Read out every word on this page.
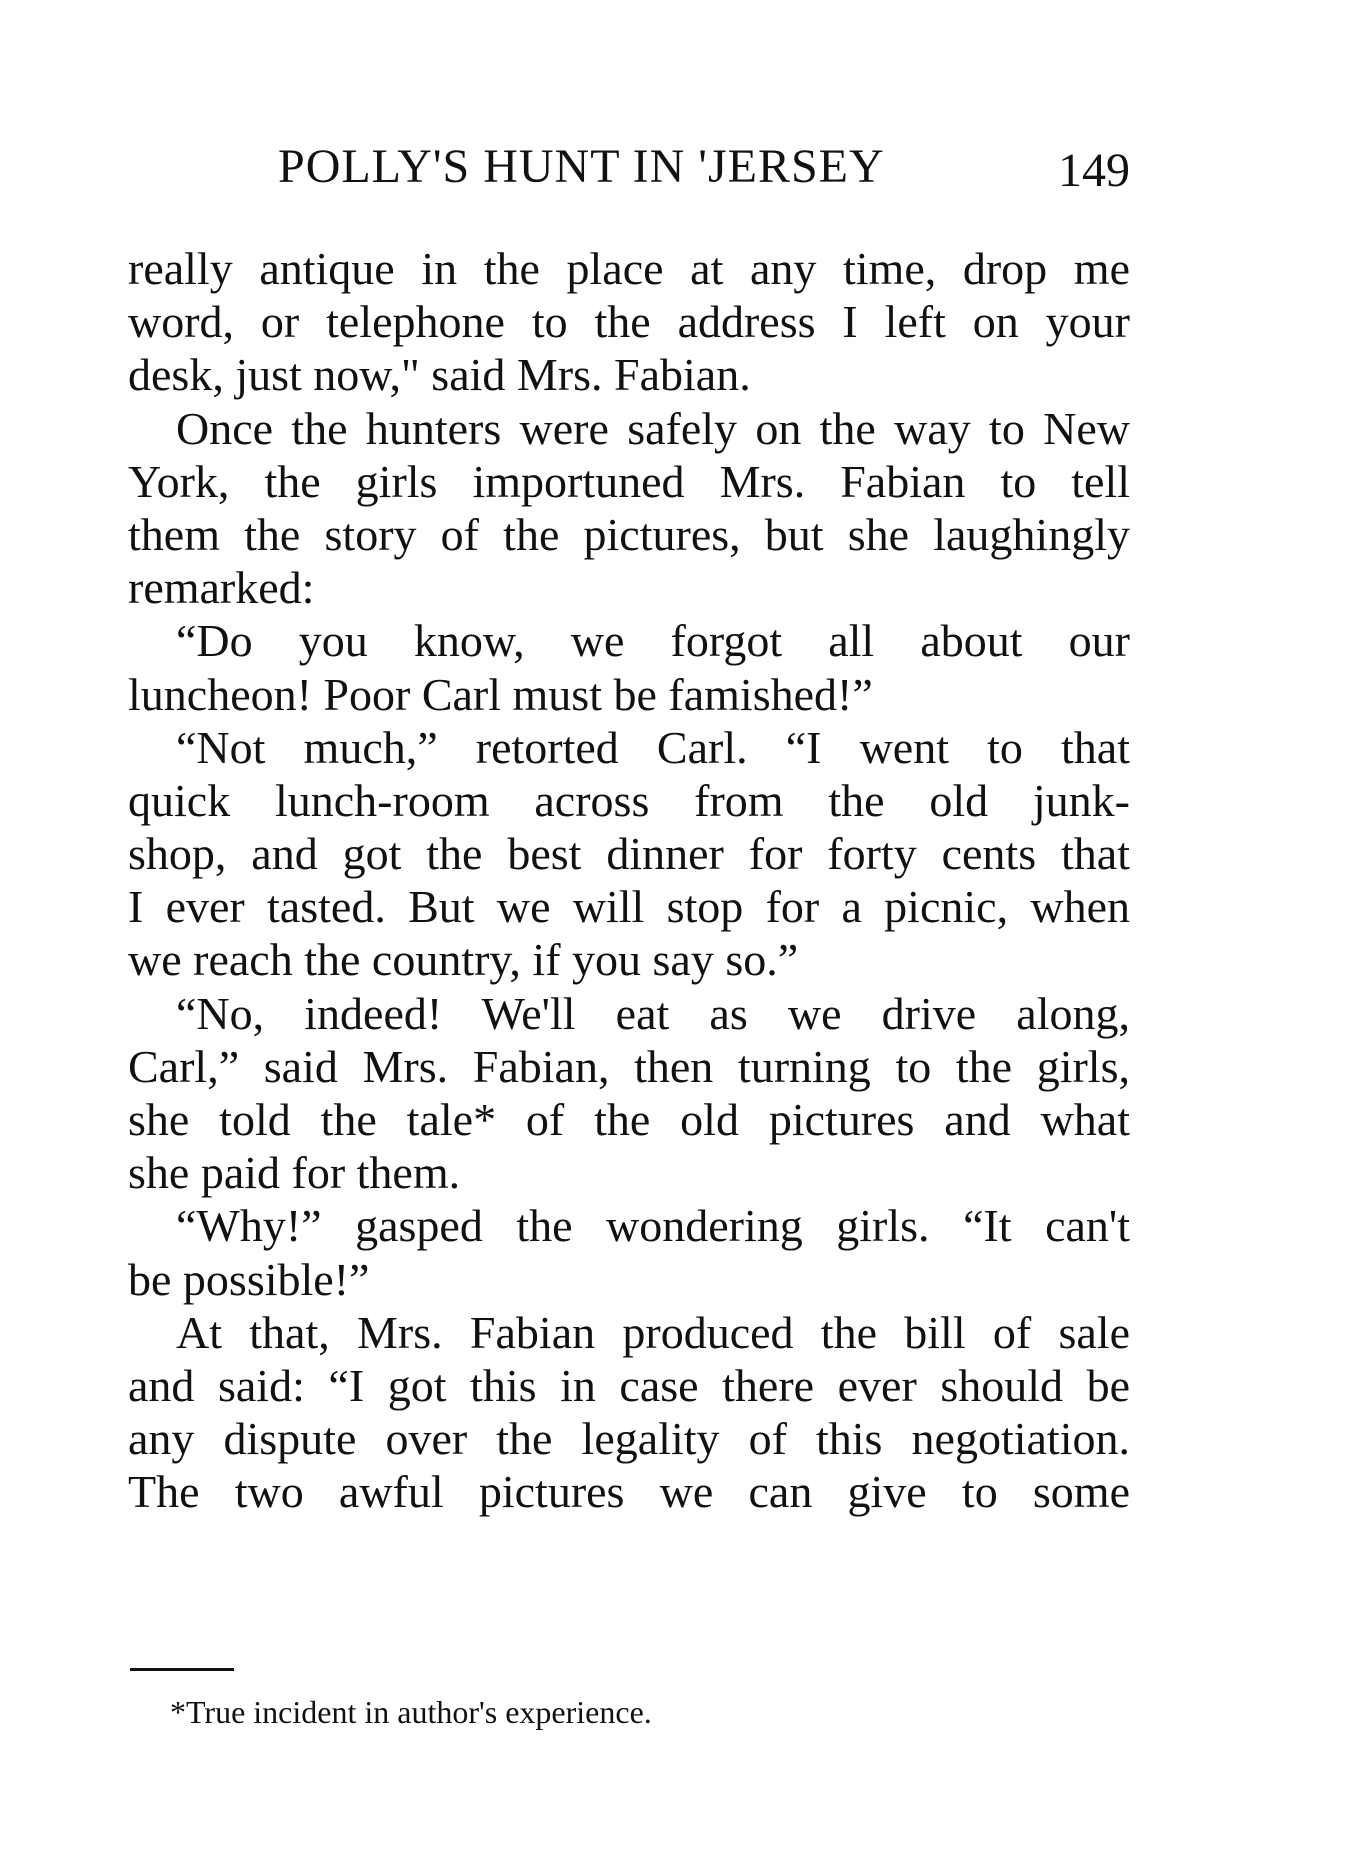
POLLY'S HUNT IN 'JERSEY	149
really antique in the place at any time, drop me
word, or telephone to the address I left on your
desk, just now," said Mrs. Fabian.
Once the hunters were safely on the way to New
York, the girls importuned Mrs. Fabian to tell
them the story of the pictures, but she laughingly
remarked:
“Do you know, we forgot all about our
luncheon! Poor Carl must be famished!”
“Not much,” retorted Carl. “I went to that
quick lunch-room across from the old junk-
shop, and got the best dinner for forty cents that
I ever tasted. But we will stop for a picnic, when
we reach the country, if you say so.”
“No, indeed! We'll eat as we drive along,
Carl,” said Mrs. Fabian, then turning to the girls,
she told the tale* of the old pictures and what
she paid for them.
“Why!” gasped the wondering girls. “It can't
be possible!”
At that, Mrs. Fabian produced the bill of sale
and said: “I got this in case there ever should be
any dispute over the legality of this negotiation.
The two awful pictures we can give to some
*True incident in author's experience.
